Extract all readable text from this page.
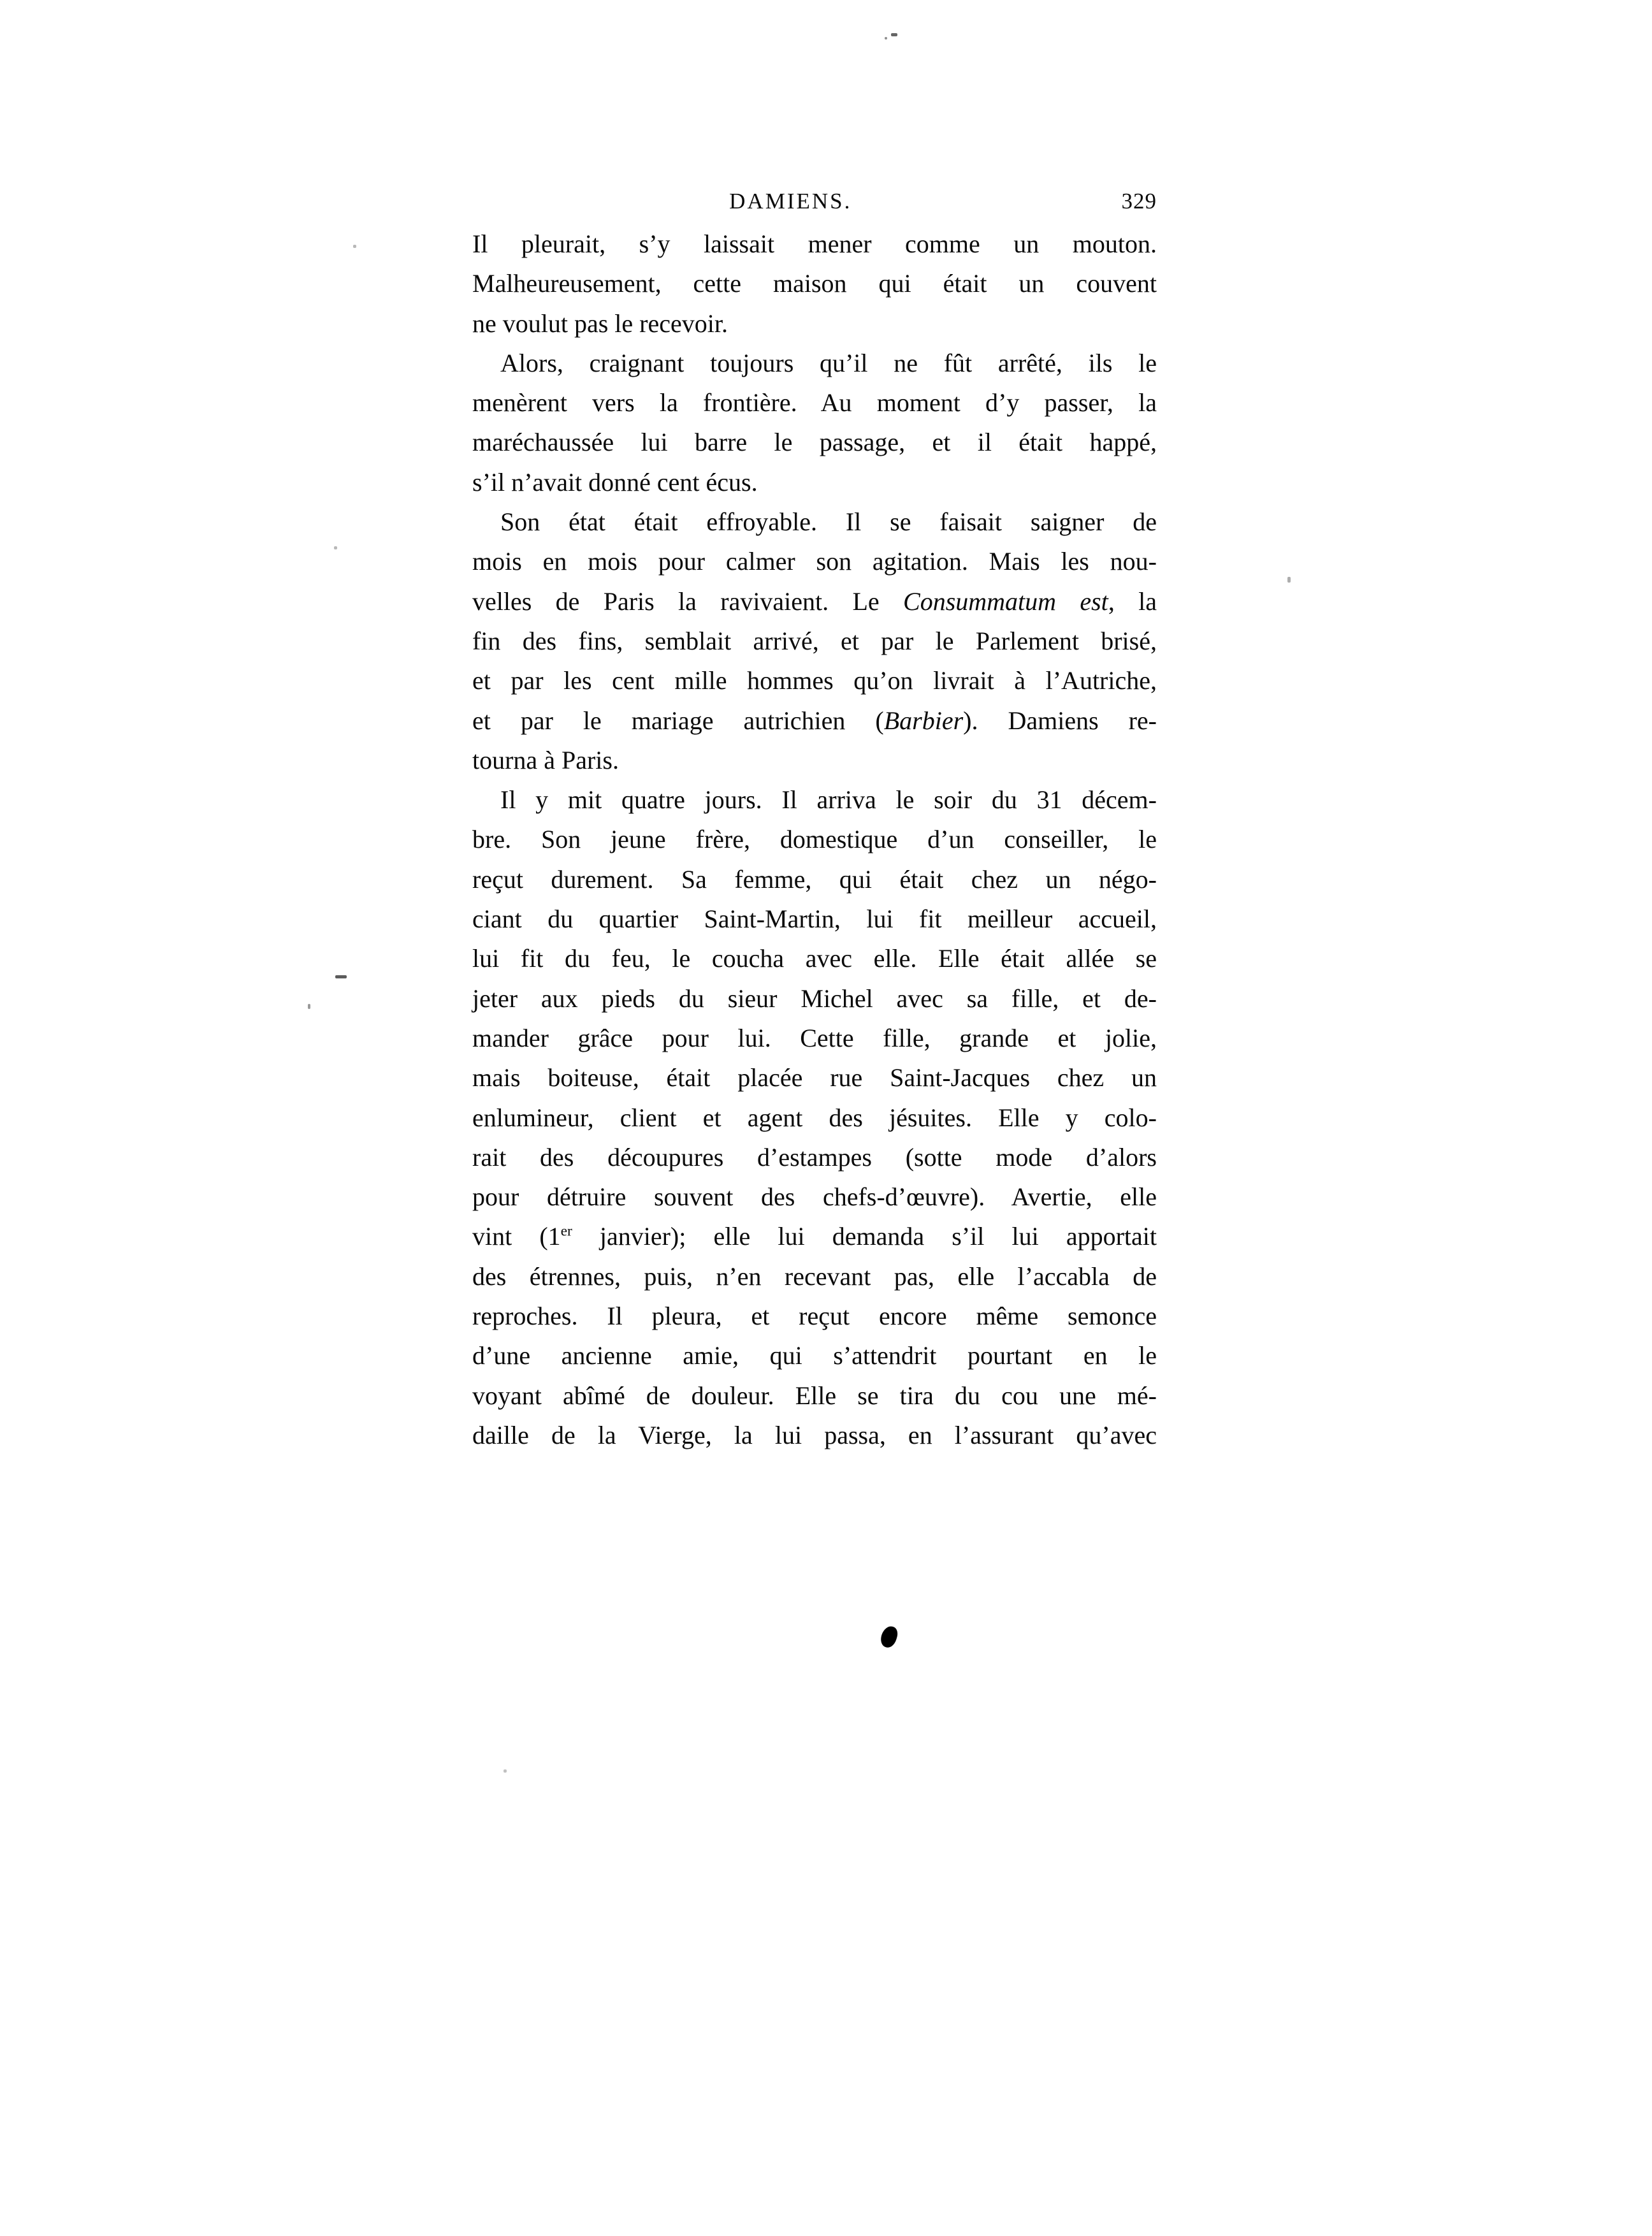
DAMIENS.	329
Il pleurait, s’y laissait mener comme un mouton.
Malheureusement, cette maison qui était un couvent
ne voulut pas le recevoir.
Alors, craignant toujours qu’il ne fût arrêté, ils le
menèrent vers la frontière. Au moment d’y passer, la
maréchaussée lui barre le passage, et il était happé,
s’il n’avait donné cent écus.
Son état était effroyable. Il se faisait saigner de
mois en mois pour calmer son agitation. Mais les nou-
velles de Paris la ravivaient. Le Consummatum est, la
fin des fins, semblait arrivé, et par le Parlement brisé,
et par les cent mille hommes qu’on livrait à l’Autriche,
et par le mariage autrichien (Barbier). Damiens re-
tourna à Paris.
Il y mit quatre jours. Il arriva le soir du 31 décem-
bre. Son jeune frère, domestique d’un conseiller, le
reçut durement. Sa femme, qui était chez un négo-
ciant du quartier Saint-Martin, lui fit meilleur accueil,
lui fit du feu, le coucha avec elle. Elle était allée se
jeter aux pieds du sieur Michel avec sa fille, et de-
mander grâce pour lui. Cette fille, grande et jolie,
mais boiteuse, était placée rue Saint-Jacques chez un
enlumineur, client et agent des jésuites. Elle y colo-
rait des découpures d’estampes (sotte mode d’alors
pour détruire souvent des chefs-d’œuvre). Avertie, elle
vint (1er janvier); elle lui demanda s’il lui apportait
des étrennes, puis, n’en recevant pas, elle l’accabla de
reproches. Il pleura, et reçut encore même semonce
d’une ancienne amie, qui s’attendrit pourtant en le
voyant abîmé de douleur. Elle se tira du cou une mé-
daille de la Vierge, la lui passa, en l’assurant qu’avec
